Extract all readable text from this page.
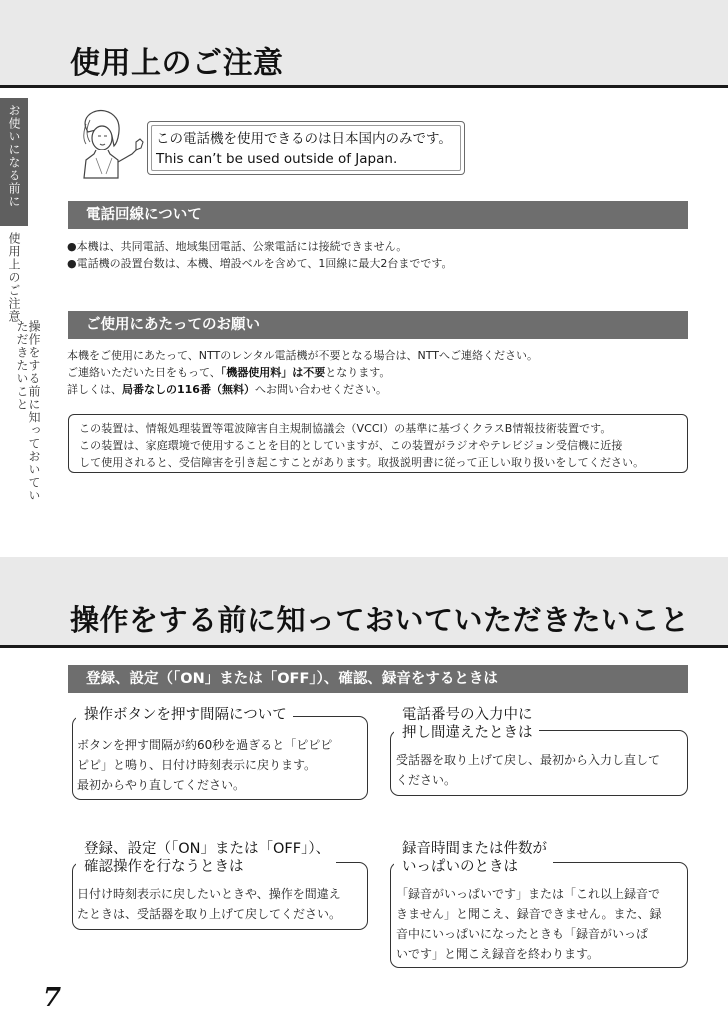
使用上のご注意
お使いになる前に
使用上のご注意
操作をする前に知っておいていただきたいこと

この電話機を使用できるのは日本国内のみです。

This can’t be used outside of Japan.

電話回線について
●本機は、共同電話、地域集団電話、公衆電話には接続できません。
●電話機の設置台数は、本機、増設ベルを含めて、1回線に最大2台までです。
ご使用にあたってのお願い

本機をご使用にあたって、NTTのレンタル電話機が不要となる場合は、NTTへご連絡ください。

ご連絡いただいた日をもって、「機器使用料」は不要となります。

詳しくは、局番なしの116番（無料）へお問い合わせください。

この装置は、情報処理装置等電波障害自主規制協議会（VCCI）の基準に基づくクラスB情報技術装置です。

この装置は、家庭環境で使用することを目的としていますが、この装置がラジオやテレビジョン受信機に近接

して使用されると、受信障害を引き起こすことがあります。取扱説明書に従って正しい取り扱いをしてください。

操作をする前に知っておいていただきたいこと
登録、設定（「ON」または「OFF」）、確認、録音をするときは
操作ボタンを押す間隔について
ボタンを押す間隔が約60秒を過ぎると「ピピピ
ピピ」と鳴り、日付け時刻表示に戻ります。
最初からやり直してください。
電話番号の入力中に
押し間違えたときは
受話器を取り上げて戻し、最初から入力し直して
ください。
登録、設定（「ON」または「OFF」）、
確認操作を行なうときは
日付け時刻表示に戻したいときや、操作を間違え
たときは、受話器を取り上げて戻してください。
録音時間または件数が
いっぱいのときは
「録音がいっぱいです」または「これ以上録音で
きません」と聞こえ、録音できません。また、録
音中にいっぱいになったときも「録音がいっぱ
いです」と聞こえ録音を終わります。
7
